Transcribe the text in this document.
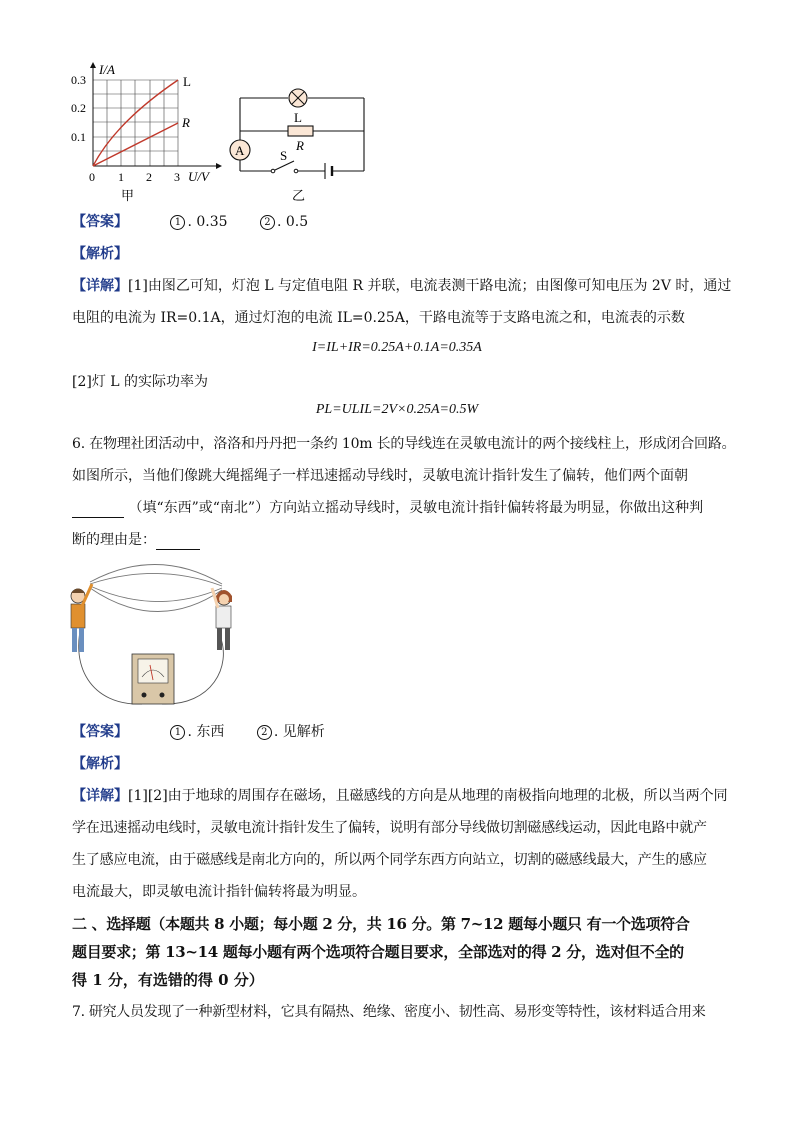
I/A
0.3
0.2
0.1
0 1 2 3 U/V
L
R
甲
A
L
R
S
乙
【答案】	1 . 0.35	2 . 0.5
【解析】
【详解】[1]由图乙可知，灯泡 L 与定值电阻 R 并联，电流表测干路电流；由图像可知电压为 2V 时，通过
电阻的电流为 IR=0.1A，通过灯泡的电流 IL=0.25A，干路电流等于支路电流之和，电流表的示数
I=IL+IR=0.25A+0.1A=0.35A
[2]灯 L 的实际功率为
PL=ULIL=2V×0.25A=0.5W
6. 在物理社团活动中，洛洛和丹丹把一条约 10m 长的导线连在灵敏电流计的两个接线柱上，形成闭合回路。
如图所示，当他们像跳大绳摇绳子一样迅速摇动导线时，灵敏电流计指针发生了偏转，他们两个面朝
（填“东西”或“南北”）方向站立摇动导线时，灵敏电流计指针偏转将最为明显，你做出这种判
断的理由是：
【答案】	1 . 东西	2 . 见解析
【解析】
【详解】[1][2]由于地球的周围存在磁场，且磁感线的方向是从地理的南极指向地理的北极，所以当两个同
学在迅速摇动电线时，灵敏电流计指针发生了偏转，说明有部分导线做切割磁感线运动，因此电路中就产
生了感应电流，由于磁感线是南北方向的，所以两个同学东西方向站立，切割的磁感线最大，产生的感应
电流最大，即灵敏电流计指针偏转将最为明显。
二 、选择题（本题共 8 小题；每小题 2 分，共 16 分。第 7~12 题每小题只 有一个选项符合
题目要求；第 13~14 题每小题有两个选项符合题目要求，全部选对的得 2 分，选对但不全的
得 1 分，有选错的得 0 分）
7. 研究人员发现了一种新型材料，它具有隔热、绝缘、密度小、韧性高、易形变等特性，该材料适合用来
